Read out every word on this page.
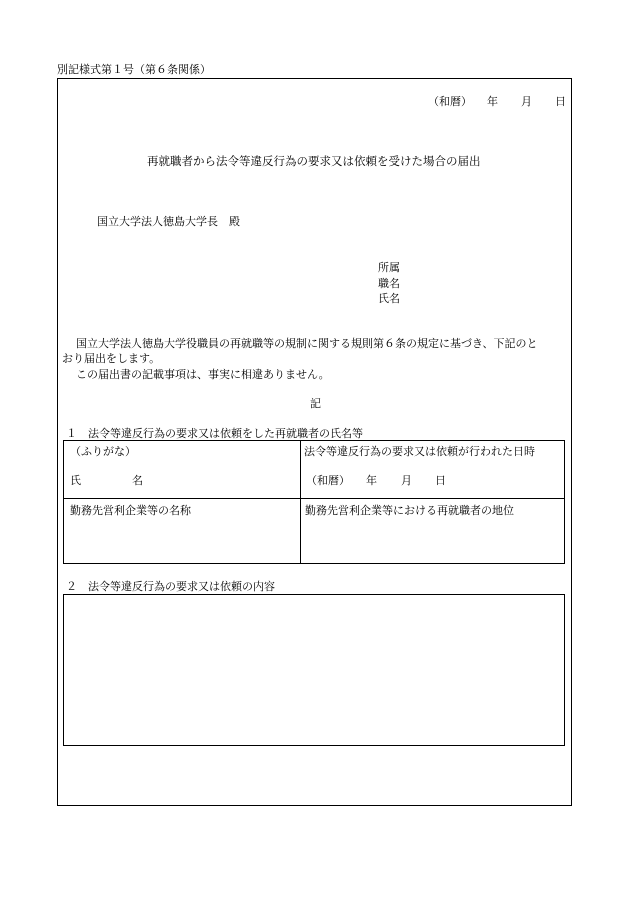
別記様式第１号（第６条関係）
（和暦） 年 月 日
再就職者から法令等違反行為の要求又は依頼を受けた場合の届出
国立大学法人徳島大学長　殿
所属
職名
氏名
国立大学法人徳島大学役職員の再就職等の規制に関する規則第６条の規定に基づき、下記のと
おり届出をします。
この届出書の記載事項は、事実に相違ありません。
記
１　法令等違反行為の要求又は依頼をした再就職者の氏名等
（ふりがな）
氏	名
法令等違反行為の要求又は依頼が行われた日時
（和暦） 年 月 日
勤務先営利企業等の名称	勤務先営利企業等における再就職者の地位
２　法令等違反行為の要求又は依頼の内容
